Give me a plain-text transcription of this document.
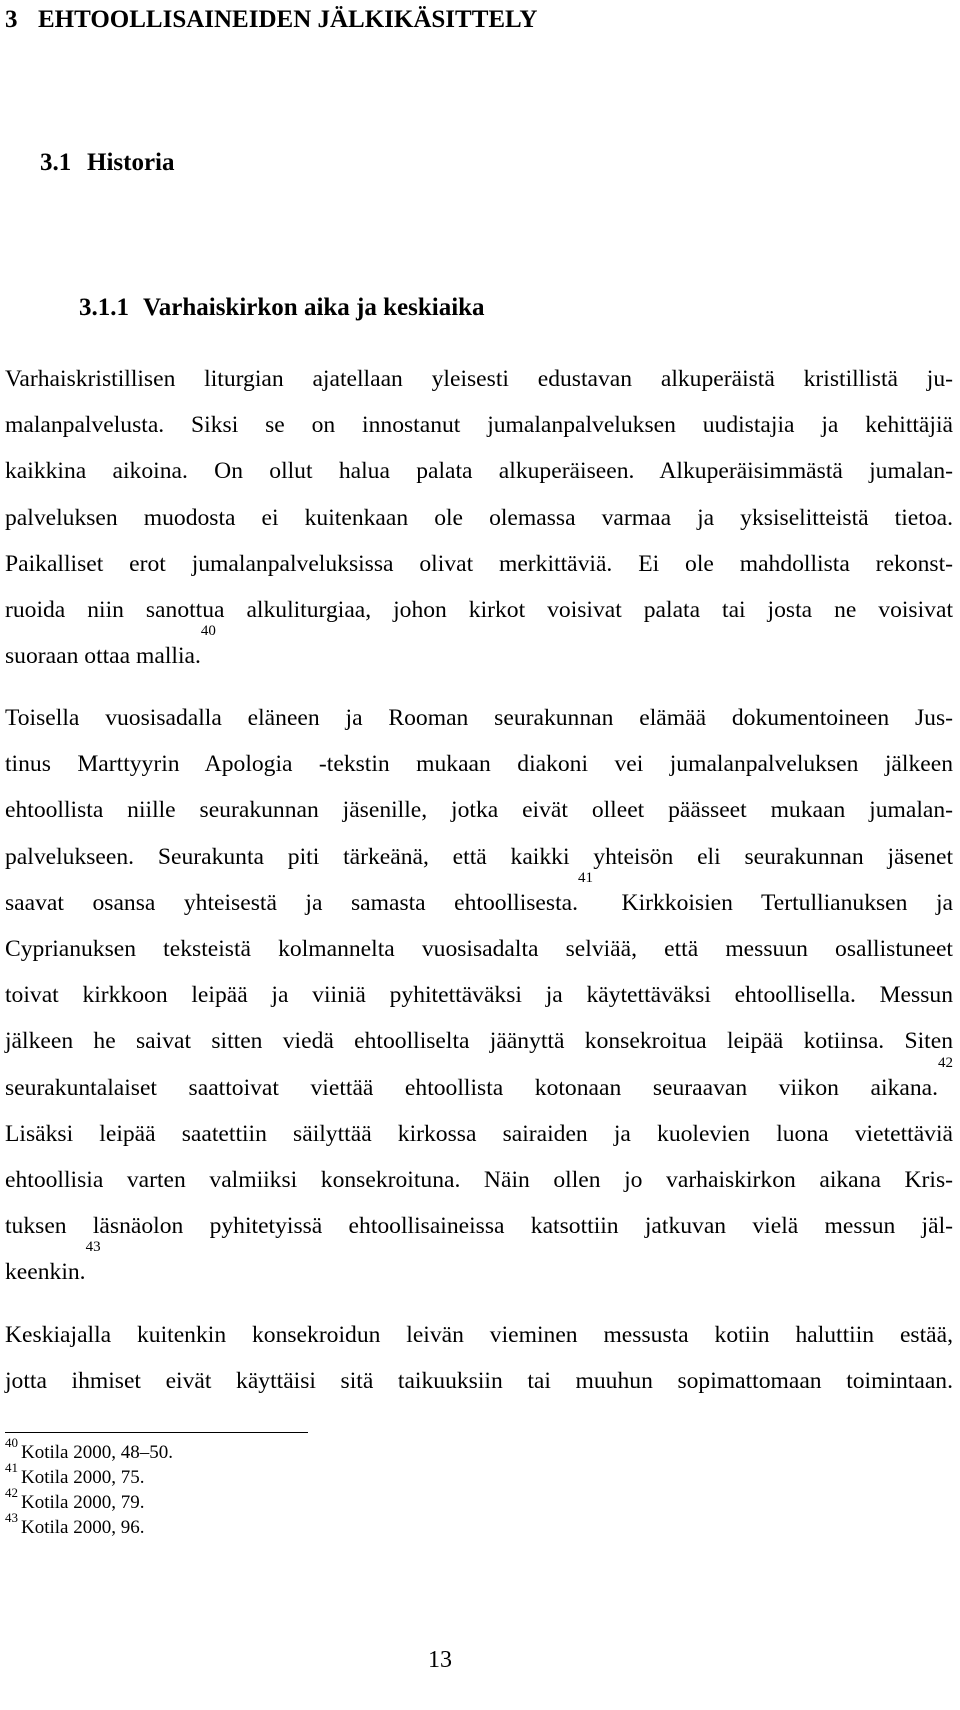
3 EHTOOLLISAINEIDEN JÄLKIKÄSITTELY
3.1 Historia
3.1.1 Varhaiskirkon aika ja keskiaika
Varhaiskristillisen liturgian ajatellaan yleisesti edustavan alkuperäistä kristillistä ju-
malanpalvelusta. Siksi se on innostanut jumalanpalveluksen uudistajia ja kehittäjiä
kaikkina aikoina. On ollut halua palata alkuperäiseen. Alkuperäisimmästä jumalan-
palveluksen muodosta ei kuitenkaan ole olemassa varmaa ja yksiselitteistä tietoa.
Paikalliset erot jumalanpalveluksissa olivat merkittäviä. Ei ole mahdollista rekonst-
ruoida niin sanottua alkuliturgiaa, johon kirkot voisivat palata tai josta ne voisivat
suoraan ottaa mallia.$^{40}$
Toisella vuosisadalla eläneen ja Rooman seurakunnan elämää dokumentoineen Jus-
tinus Marttyyrin Apologia -tekstin mukaan diakoni vei jumalanpalveluksen jälkeen
ehtoollista niille seurakunnan jäsenille, jotka eivät olleet päässeet mukaan jumalan-
palvelukseen. Seurakunta piti tärkeänä, että kaikki yhteisön eli seurakunnan jäsenet
saavat osansa yhteisestä ja samasta ehtoollisesta.$^{41}$ Kirkkoisien Tertullianuksen ja
Cyprianuksen teksteistä kolmannelta vuosisadalta selviää, että messuun osallistuneet
toivat kirkkoon leipää ja viiniä pyhitettäväksi ja käytettäväksi ehtoollisella. Messun
jälkeen he saivat sitten viedä ehtoolliselta jäänyttä konsekroitua leipää kotiinsa. Siten
seurakuntalaiset saattoivat viettää ehtoollista kotonaan seuraavan viikon aikana.$^{42}$
Lisäksi leipää saatettiin säilyttää kirkossa sairaiden ja kuolevien luona vietettäviä
ehtoollisia varten valmiiksi konsekroituna. Näin ollen jo varhaiskirkon aikana Kris-
tuksen läsnäolon pyhitetyissä ehtoollisaineissa katsottiin jatkuvan vielä messun jäl-
keenkin.$^{43}$
Keskiajalla kuitenkin konsekroidun leivän vieminen messusta kotiin haluttiin estää,
jotta ihmiset eivät käyttäisi sitä taikuuksiin tai muuhun sopimattomaan toimintaan.
$^{40}$ Kotila 2000, 48–50.
$^{41}$ Kotila 2000, 75.
$^{42}$ Kotila 2000, 79.
$^{43}$ Kotila 2000, 96.
13
